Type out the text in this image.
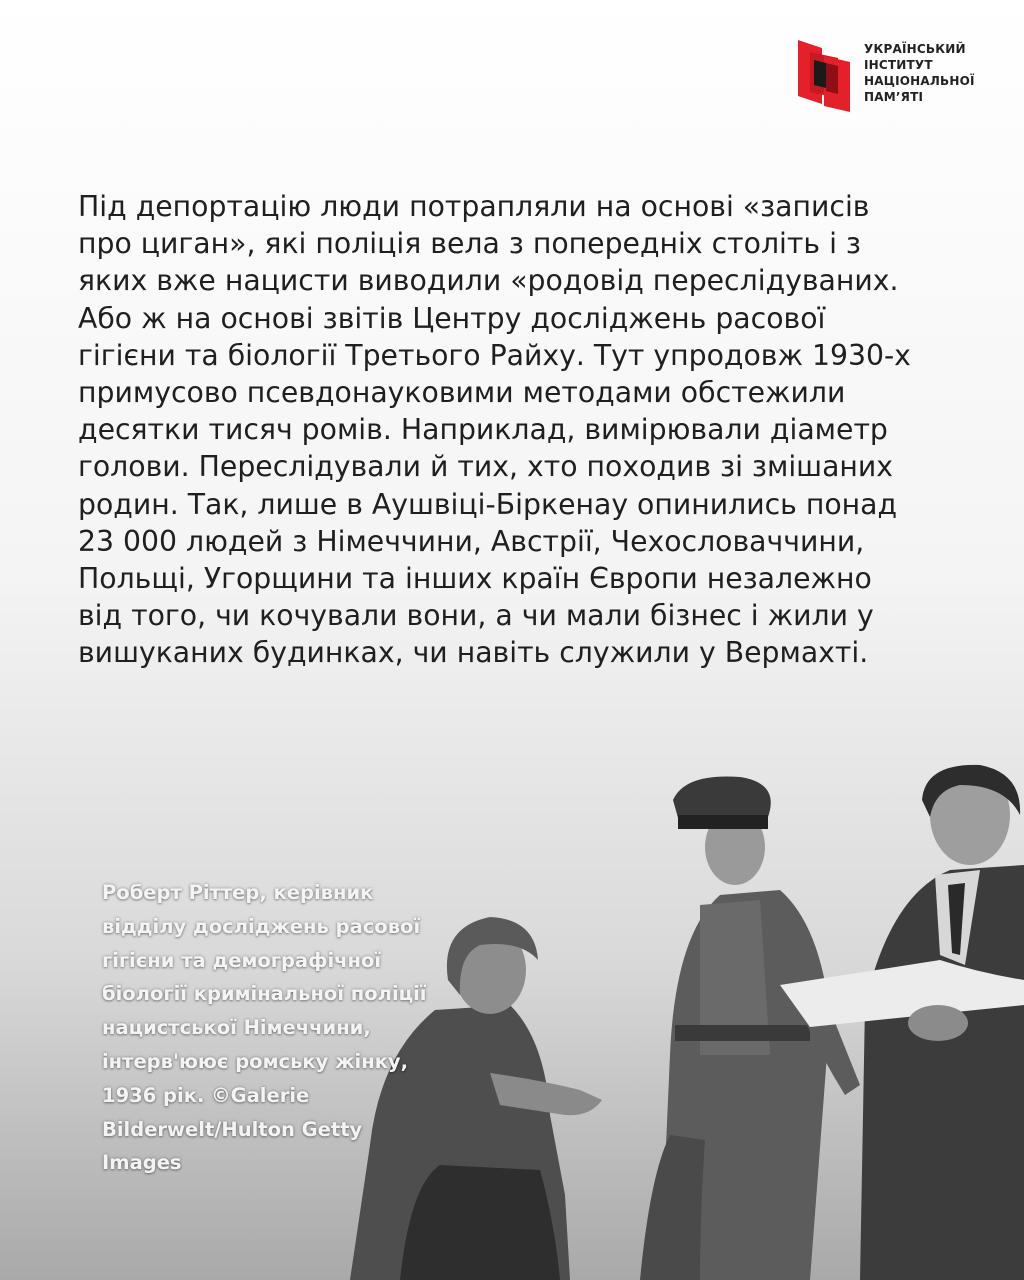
УКРАЇНСЬКИЙ
ІНСТИТУТ
НАЦІОНАЛЬНОЇ
ПАМ’ЯТІ
Під депортацію люди потрапляли на основі «записів
про циган», які поліція вела з попередніх століть і з
яких вже нацисти виводили «родовід переслідуваних.
Або ж на основі звітів Центру досліджень расової
гігієни та біології Третього Райху. Тут упродовж 1930-х
примусово псевдонауковими методами обстежили
десятки тисяч ромів. Наприклад, вимірювали діаметр
голови. Переслідували й тих, хто походив зі змішаних
родин. Так, лише в Аушвіці-Біркенау опинились понад
23 000 людей з Німеччини, Австрії, Чехословаччини,
Польщі, Угорщини та інших країн Європи незалежно
від того, чи кочували вони, а чи мали бізнес і жили у
вишуканих будинках, чи навіть служили у Вермахті.
Роберт Ріттер, керівник
відділу досліджень расової
гігієни та демографічної
біології кримінальної поліції
нацистської Німеччини,
інтерв'юює ромську жінку,
1936 рік. ©Galerie
Bilderwelt/Hulton Getty
Images
